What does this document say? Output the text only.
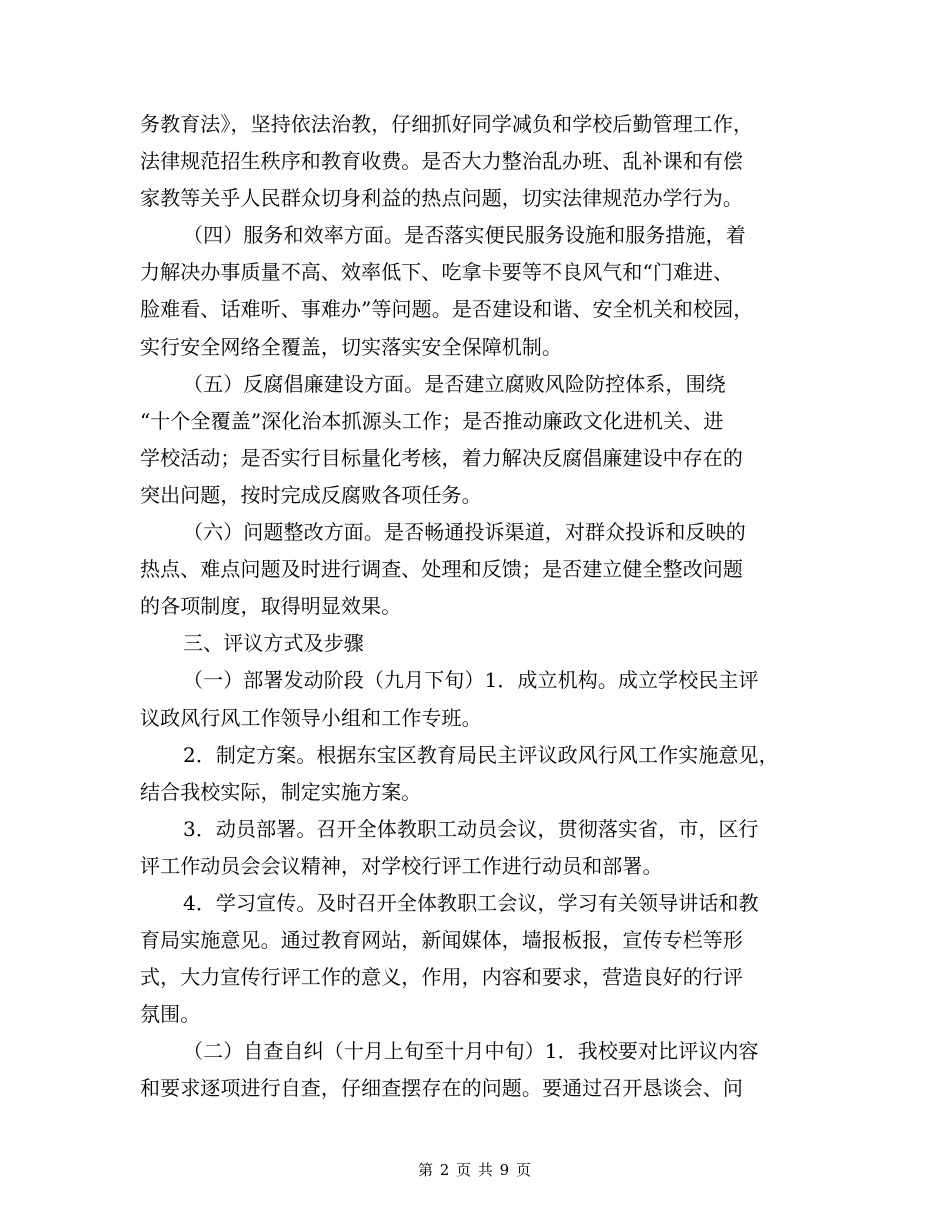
务教育法》，坚持依法治教，仔细抓好同学减负和学校后勤管理工作，
法律规范招生秩序和教育收费。是否大力整治乱办班、乱补课和有偿
家教等关乎人民群众切身利益的热点问题，切实法律规范办学行为。
（四）服务和效率方面。是否落实便民服务设施和服务措施，着
力解决办事质量不高、效率低下、吃拿卡要等不良风气和“门难进、
脸难看、话难听、事难办”等问题。是否建设和谐、安全机关和校园，
实行安全网络全覆盖，切实落实安全保障机制。
（五）反腐倡廉建设方面。是否建立腐败风险防控体系，围绕
“十个全覆盖”深化治本抓源头工作；是否推动廉政文化进机关、进
学校活动；是否实行目标量化考核，着力解决反腐倡廉建设中存在的
突出问题，按时完成反腐败各项任务。
（六）问题整改方面。是否畅通投诉渠道，对群众投诉和反映的
热点、难点问题及时进行调查、处理和反馈；是否建立健全整改问题
的各项制度，取得明显效果。
三、评议方式及步骤
（一）部署发动阶段（九月下旬）1．成立机构。成立学校民主评
议政风行风工作领导小组和工作专班。
2．制定方案。根据东宝区教育局民主评议政风行风工作实施意见，
结合我校实际，制定实施方案。
3．动员部署。召开全体教职工动员会议，贯彻落实省，市，区行
评工作动员会会议精神，对学校行评工作进行动员和部署。
4．学习宣传。及时召开全体教职工会议，学习有关领导讲话和教
育局实施意见。通过教育网站，新闻媒体，墙报板报，宣传专栏等形
式，大力宣传行评工作的意义，作用，内容和要求，营造良好的行评
氛围。
（二）自查自纠（十月上旬至十月中旬）1．我校要对比评议内容
和要求逐项进行自查，仔细查摆存在的问题。要通过召开恳谈会、问
第 2 页 共 9 页
